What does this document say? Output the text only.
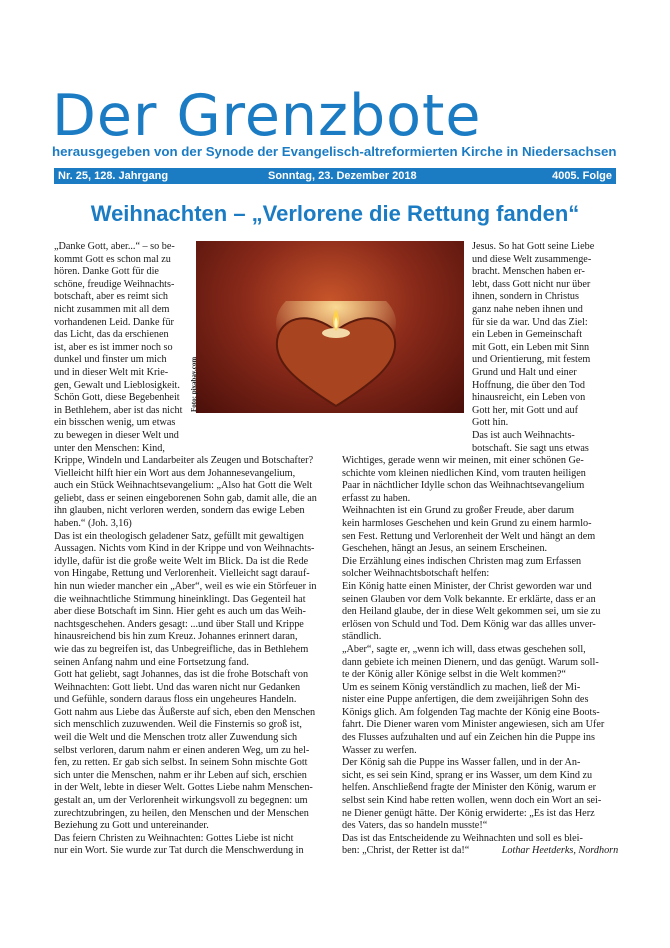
Der Grenzbote
herausgegeben von der Synode der Evangelisch-altreformierten Kirche in Niedersachsen
Nr. 25, 128. Jahrgang	Sonntag, 23. Dezember 2018	4005. Folge
Weihnachten – „Verlorene die Rettung fanden“
Foto: pixabay.com
„Danke Gott, aber...“ – so be-
kommt Gott es schon mal zu
hören. Danke Gott für die
schöne, freudige Weihnachts-
botschaft, aber es reimt sich
nicht zusammen mit all dem
vorhandenen Leid. Danke für
das Licht, das da erschienen
ist, aber es ist immer noch so
dunkel und finster um mich
und in dieser Welt mit Krie-
gen, Gewalt und Lieblosigkeit.
Schön Gott, diese Begebenheit
in Bethlehem, aber ist das nicht
ein bisschen wenig, um etwas
zu bewegen in dieser Welt und
unter den Menschen: Kind,
Krippe, Windeln und Landarbeiter als Zeugen und Botschafter?
Vielleicht hilft hier ein Wort aus dem Johannesevangelium,
auch ein Stück Weihnachtsevangelium: „Also hat Gott die Welt
geliebt, dass er seinen eingeborenen Sohn gab, damit alle, die an
ihn glauben, nicht verloren werden, sondern das ewige Leben
haben.“ (Joh. 3,16)
Das ist ein theologisch geladener Satz, gefüllt mit gewaltigen
Aussagen. Nichts vom Kind in der Krippe und von Weihnachts-
idylle, dafür ist die große weite Welt im Blick. Da ist die Rede
von Hingabe, Rettung und Verlorenheit. Vielleicht sagt darauf-
hin nun wieder mancher ein „Aber“, weil es wie ein Störfeuer in
die weihnachtliche Stimmung hineinklingt. Das Gegenteil hat
aber diese Botschaft im Sinn. Hier geht es auch um das Weih-
nachtsgeschehen. Anders gesagt: ...und über Stall und Krippe
hinausreichend bis hin zum Kreuz. Johannes erinnert daran,
wie das zu begreifen ist, das Unbegreifliche, das in Bethlehem
seinen Anfang nahm und eine Fortsetzung fand.
Gott hat geliebt, sagt Johannes, das ist die frohe Botschaft von
Weihnachten: Gott liebt. Und das waren nicht nur Gedanken
und Gefühle, sondern daraus floss ein ungeheures Handeln.
Gott nahm aus Liebe das Äußerste auf sich, eben den Menschen
sich menschlich zuzuwenden. Weil die Finsternis so groß ist,
weil die Welt und die Menschen trotz aller Zuwendung sich
selbst verloren, darum nahm er einen anderen Weg, um zu hel-
fen, zu retten. Er gab sich selbst. In seinem Sohn mischte Gott
sich unter die Menschen, nahm er ihr Leben auf sich, erschien
in der Welt, lebte in dieser Welt. Gottes Liebe nahm Menschen-
gestalt an, um der Verlorenheit wirkungsvoll zu begegnen: um
zurechtzubringen, zu heilen, den Menschen und der Menschen
Beziehung zu Gott und untereinander.
Das feiern Christen zu Weihnachten: Gottes Liebe ist nicht
nur ein Wort. Sie wurde zur Tat durch die Menschwerdung in
Jesus. So hat Gott seine Liebe
und diese Welt zusammenge-
bracht. Menschen haben er-
lebt, dass Gott nicht nur über
ihnen, sondern in Christus
ganz nahe neben ihnen und
für sie da war. Und das Ziel:
ein Leben in Gemeinschaft
mit Gott, ein Leben mit Sinn
und Orientierung, mit festem
Grund und Halt und einer
Hoffnung, die über den Tod
hinausreicht, ein Leben von
Gott her, mit Gott und auf
Gott hin.
Das ist auch Weihnachts-
botschaft. Sie sagt uns etwas
Wichtiges, gerade wenn wir meinen, mit einer schönen Ge-
schichte vom kleinen niedlichen Kind, vom trauten heiligen
Paar in nächtlicher Idylle schon das Weihnachtsevangelium
erfasst zu haben.
Weihnachten ist ein Grund zu großer Freude, aber darum
kein harmloses Geschehen und kein Grund zu einem harmlo-
sen Fest. Rettung und Verlorenheit der Welt und hängt an dem
Geschehen, hängt an Jesus, an seinem Erscheinen.
Die Erzählung eines indischen Christen mag zum Erfassen
solcher Weihnachtsbotschaft helfen:
Ein König hatte einen Minister, der Christ geworden war und
seinen Glauben vor dem Volk bekannte. Er erklärte, dass er an
den Heiland glaube, der in diese Welt gekommen sei, um sie zu
erlösen von Schuld und Tod. Dem König war das allles unver-
ständlich.
„Aber“, sagte er, „wenn ich will, dass etwas geschehen soll,
dann gebiete ich meinen Dienern, und das genügt. Warum soll-
te der König aller Könige selbst in die Welt kommen?“
Um es seinem König verständlich zu machen, ließ der Mi-
nister eine Puppe anfertigen, die dem zweijährigen Sohn des
Königs glich. Am folgenden Tag machte der König eine Boots-
fahrt. Die Diener waren vom Minister angewiesen, sich am Ufer
des Flusses aufzuhalten und auf ein Zeichen hin die Puppe ins
Wasser zu werfen.
Der König sah die Puppe ins Wasser fallen, und in der An-
sicht, es sei sein Kind, sprang er ins Wasser, um dem Kind zu
helfen. Anschließend fragte der Minister den König, warum er
selbst sein Kind habe retten wollen, wenn doch ein Wort an sei-
ne Diener genügt hätte. Der König erwiderte: „Es ist das Herz
des Vaters, das so handeln musste!“
Das ist das Entscheidende zu Weihnachten und soll es blei-
ben: „Christ, der Retter ist da!“	Lothar Heetderks, Nordhorn
